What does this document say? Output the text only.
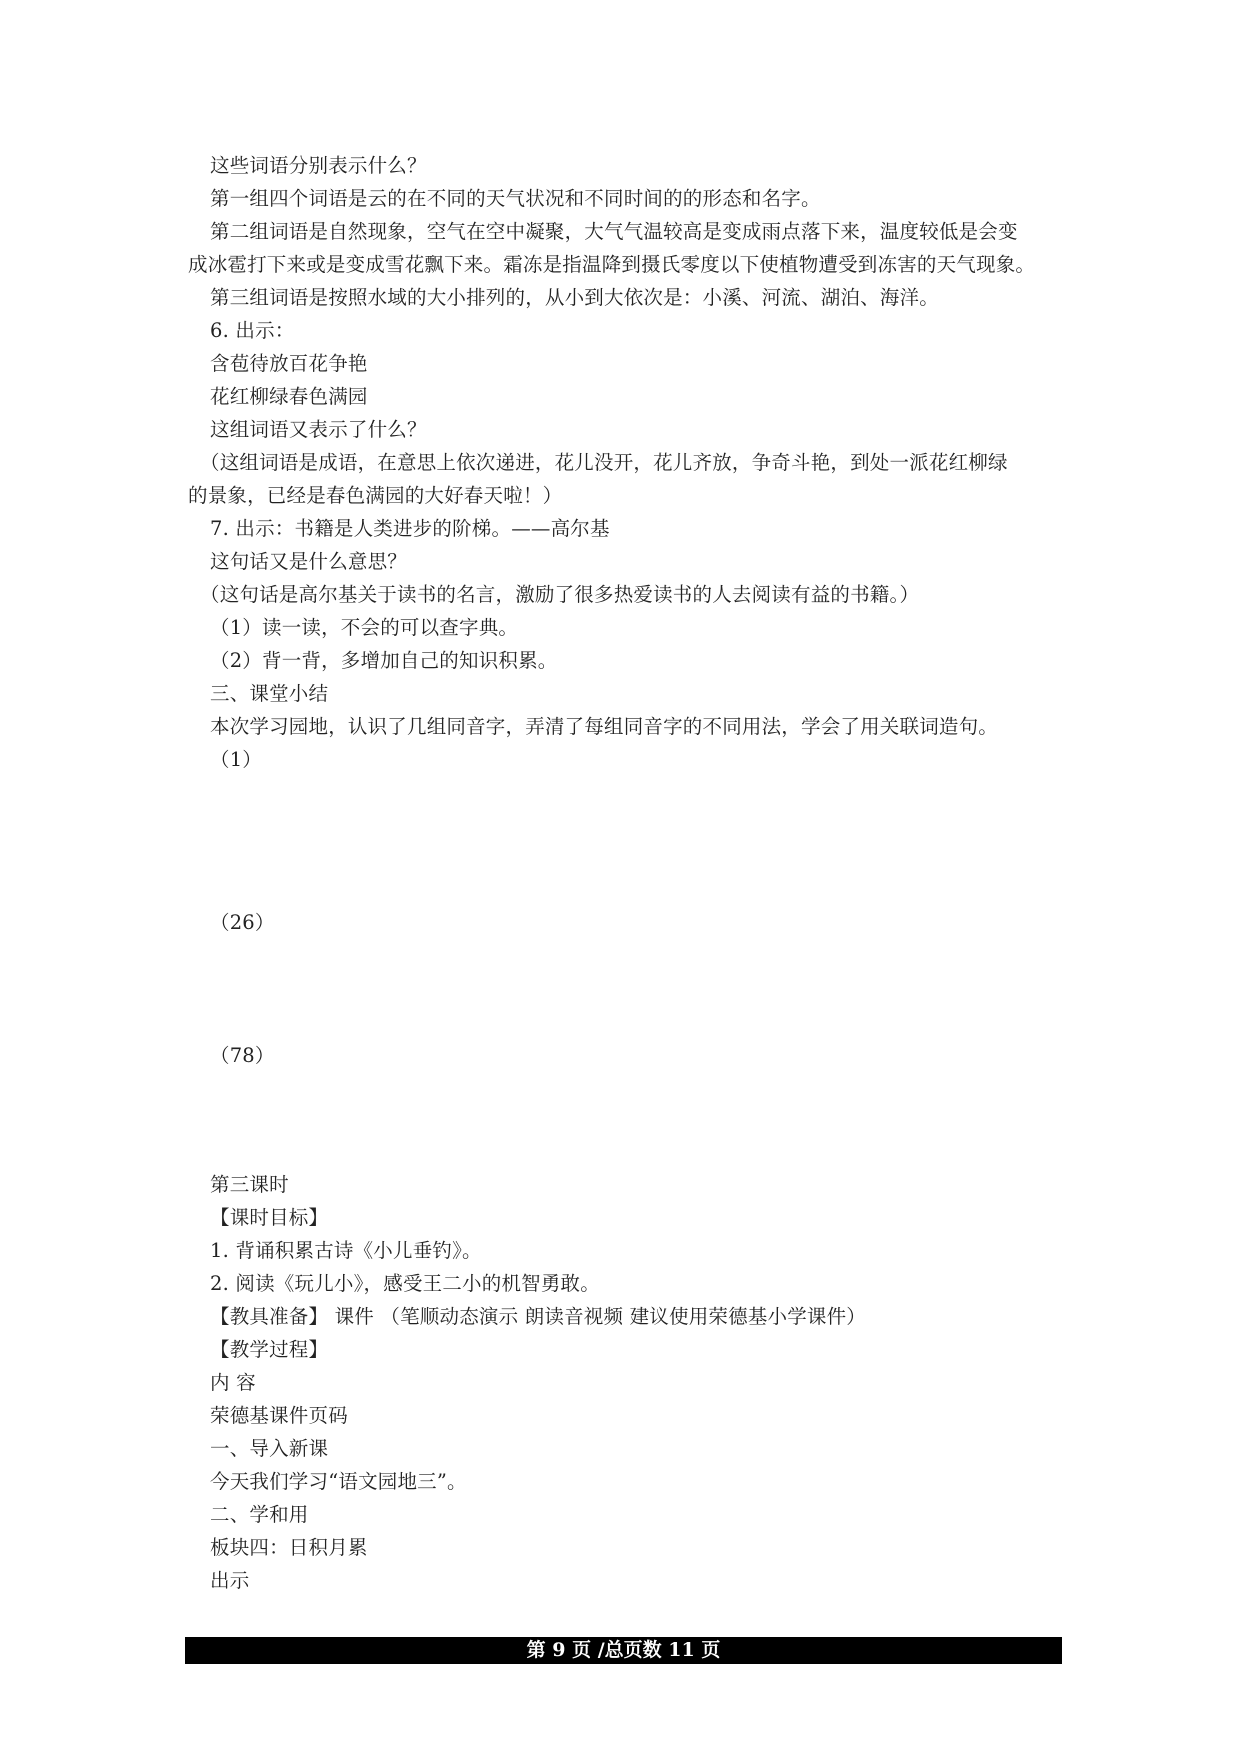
这些词语分别表示什么？
第一组四个词语是云的在不同的天气状况和不同时间的的形态和名字。
第二组词语是自然现象，空气在空中凝聚，大气气温较高是变成雨点落下来，温度较低是会变
成冰雹打下来或是变成雪花飘下来。霜冻是指温降到摄氏零度以下使植物遭受到冻害的天气现象。
第三组词语是按照水域的大小排列的，从小到大依次是：小溪、河流、湖泊、海洋。
6. 出示：
含苞待放百花争艳
花红柳绿春色满园
这组词语又表示了什么？
（这组词语是成语，在意思上依次递进，花儿没开，花儿齐放，争奇斗艳，到处一派花红柳绿
的景象，已经是春色满园的大好春天啦！）
7. 出示：书籍是人类进步的阶梯。——高尔基
这句话又是什么意思？
（这句话是高尔基关于读书的名言，激励了很多热爱读书的人去阅读有益的书籍。）
（1）读一读，不会的可以查字典。
（2）背一背，多增加自己的知识积累。
三、课堂小结
本次学习园地，认识了几组同音字，弄清了每组同音字的不同用法，学会了用关联词造句。
（1）
（26）
（78）
第三课时
【课时目标】
1. 背诵积累古诗《小儿垂钓》。
2. 阅读《玩儿小》，感受王二小的机智勇敢。
【教具准备】 课件 （笔顺动态演示 朗读音视频 建议使用荣德基小学课件）
【教学过程】
内 容
荣德基课件页码
一、导入新课
今天我们学习“语文园地三”。
二、学和用
板块四：日积月累
出示
第 9 页 /总页数 11 页
